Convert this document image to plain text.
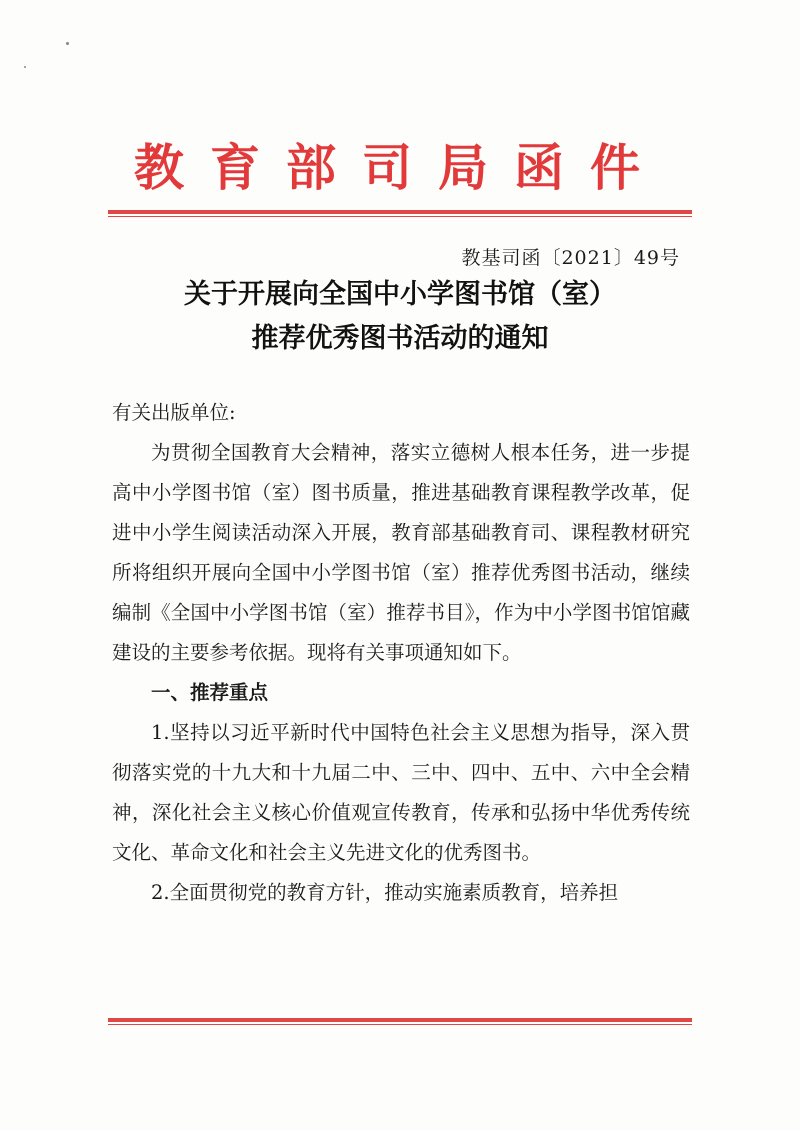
教育部司局函件
教基司函〔2021〕49号
关于开展向全国中小学图书馆（室）
推荐优秀图书活动的通知

有关出版单位:

为贯彻全国教育大会精神，落实立德树人根本任务，进一步提高中小学图书馆（室）图书质量，推进基础教育课程教学改革，促进中小学生阅读活动深入开展，教育部基础教育司、课程教材研究所将组织开展向全国中小学图书馆（室）推荐优秀图书活动，继续编制《全国中小学图书馆（室）推荐书目》，作为中小学图书馆馆藏建设的主要参考依据。现将有关事项通知如下。

一、推荐重点

1.坚持以习近平新时代中国特色社会主义思想为指导，深入贯彻落实党的十九大和十九届二中、三中、四中、五中、六中全会精神，深化社会主义核心价值观宣传教育，传承和弘扬中华优秀传统文化、革命文化和社会主义先进文化的优秀图书。

2.全面贯彻党的教育方针，推动实施素质教育，培养担
